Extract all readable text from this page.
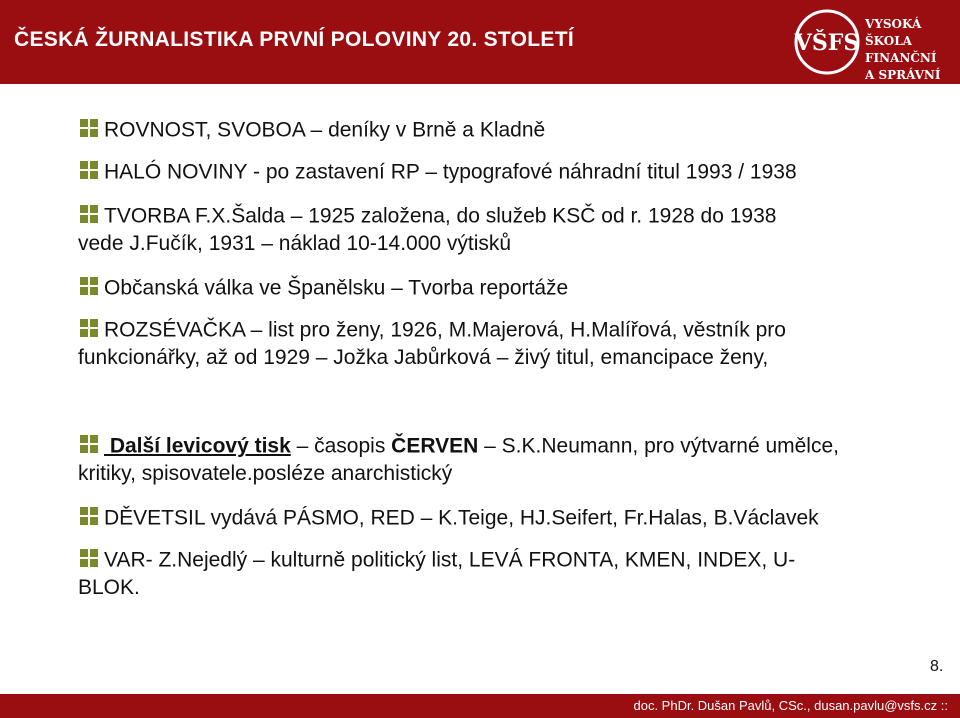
ČESKÁ ŽURNALISTIKA PRVNÍ POLOVINY 20. STOLETÍ	VŠFS
VYSOKÁ ŠKOLA
FINANČNÍ
A SPRÁVNÍ
ROVNOST, SVOBOA – deníky v Brně a Kladně
HALÓ NOVINY - po zastavení RP – typografové náhradní titul 1993 / 1938
TVORBA F.X.Šalda – 1925 založena, do služeb KSČ od r. 1928 do 1938
vede J.Fučík, 1931 – náklad 10-14.000 výtisků
Občanská válka ve Španělsku – Tvorba reportáže
ROZSÉVAČKA – list pro ženy, 1926, M.Majerová, H.Malířová, věstník pro
funkcionářky, až od 1929 – Jožka Jabůrková – živý titul, emancipace ženy,
Další levicový tisk – časopis ČERVEN – S.K.Neumann, pro výtvarné umělce,
kritiky, spisovatele.posléze anarchistický
DĚVETSIL vydává PÁSMO, RED – K.Teige, HJ.Seifert, Fr.Halas, B.Václavek
VAR- Z.Nejedlý – kulturně politický list, LEVÁ FRONTA, KMEN, INDEX, U-
BLOK.
8.
doc. PhDr. Dušan Pavlů, CSc., dusan.pavlu@vsfs.cz ::
